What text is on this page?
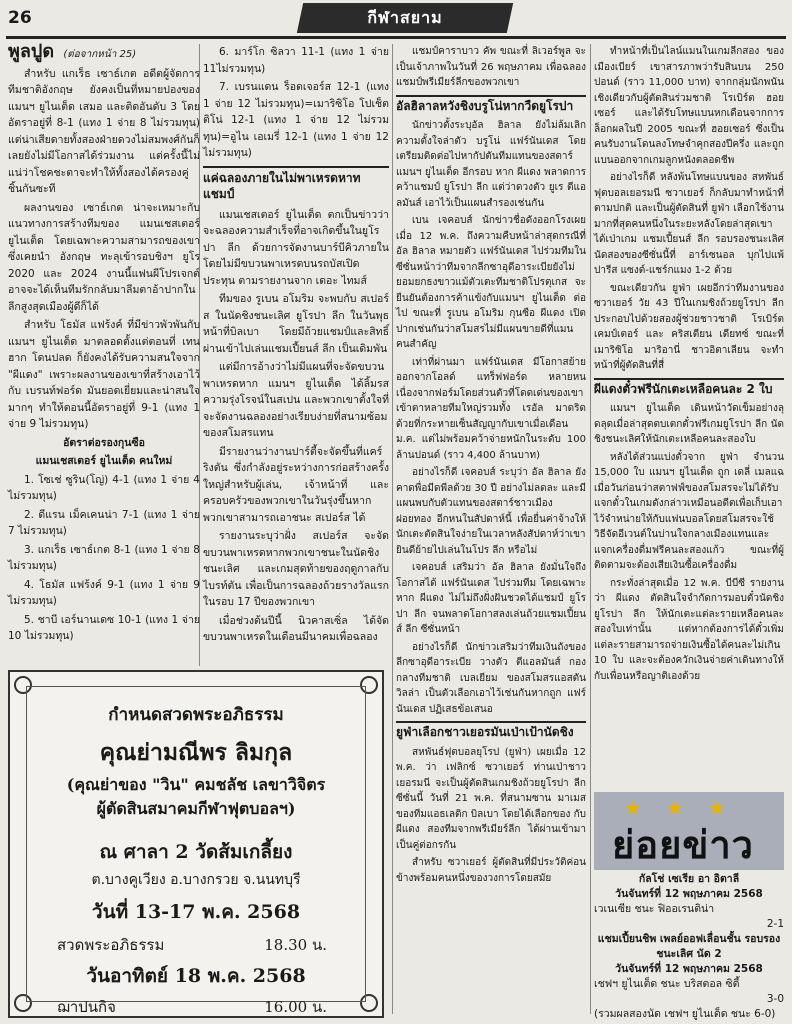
26	กีฬาสยาม
พูลปูด (ต่อจากหน้า 25)

สำหรับ แกเร็ธ เซาธ์เกต อดีตผู้จัดการทีมชาติอังกฤษ ยังคงเป็นที่หมายปองของ แมนฯ ยูไนเต็ด เสมอ และติดอันดับ 3 โดยอัตราอยู่ที่ 8-1 (แทง 1 จ่าย 8 ไม่รวมทุน) แต่น่าเสียดายทั้งสองฝ่ายดวงไม่สมพงศ์กันก็เลยยังไม่มีโอกาสได้ร่วมงาน แต่ครั้งนี้ไม่แน่ว่าโชคชะตาจะทำให้ทั้งสองได้ครองคู่ชิ้นกันซะที

ผลงานของ เซาธ์เกต น่าจะเหมาะกับแนวทางการสร้างทีมของ แมนเชสเตอร์ ยูไนเต็ด โดยเฉพาะความสามารถของเขาซึ่งเคยนำ อังกฤษ ทะลุเข้ารอบชิงฯ ยูโร 2020 และ 2024 งานนี้แฟนผีโปรเจกต์อาจจะได้เห็นทีมรักกลับมาลีมตาอ้าปากในลีกสูงสุดเมืองผู้ดีก็ได้

สำหรับ โธมัส แฟร้งค์ ที่มีข่าวพัวพันกับ แมนฯ ยูไนเต็ด มาตลอดตั้งแต่ตอนที่ เทน ฮาก โดนปลด ก็ยังคงได้รับความสนใจจาก "ผีแดง" เพราะผลงานของเขาที่สร้างเอาไว้กับ เบรนท์ฟอร์ด มันยอดเยี่ยมและน่าสนใจมากๆ ทำให้ตอนนี้อัตราอยู่ที่ 9-1 (แทง 1 จ่าย 9 ไม่รวมทุน)

อัตราต่อรองกุนซือ

แมนเชสเตอร์ ยูไนเต็ด คนใหม่

1. โซเช่ ซูริน(โญ่) 4-1 (แทง 1 จ่าย 4 ไม่รวมทุน)

2. ดีแรน เม็คเคนน่า 7-1 (แทง 1 จ่าย 7 ไม่รวมทุน)

3. แกเร็ธ เซาธ์เกต 8-1 (แทง 1 จ่าย 8 ไม่รวมทุน)

4. โธมัส แฟร้งค์ 9-1 (แทง 1 จ่าย 9 ไม่รวมทุน)

5. ชาบี เอร์นานเดซ 10-1 (แทง 1 จ่าย 10 ไม่รวมทุน)

6. มาร์โก ซิลวา 11-1 (แทง 1 จ่าย 11ไม่รวมทุน)

7. เบรนแดน ร็อดเจอร์ส 12-1 (แทง 1 จ่าย 12 ไม่รวมทุน)=เมาริซิโอ โปเช็ตติโน่ 12-1 (แทง 1 จ่าย 12 ไม่รวมทุน)=อูไน เอเมรี่ 12-1 (แทง 1 จ่าย 12 ไม่รวมทุน)

แค่ฉลองภายในไม่พาเหรดหาทแชมป์

แมนเชสเตอร์ ยูไนเต็ด ตกเป็นข่าวว่าจะฉลองความสำเร็จที่อาจเกิดขึ้นในยูโรปา ลีก ด้วยการจัดงานบาร์บีคิวภายใน โดยไม่มีขบวนพาเหรดบนรถบัสเปิดประทุน ตามรายงานจาก เดอะ ไทมส์

ทีมของ รูเบน อโมริม จะพบกับ สเปอร์ส ในนัดชิงชนะเลิศ ยูโรปา ลีก ในวันพุธหน้าที่บิลเบา โดยมีถ้วยแชมป์และสิทธิ์ผ่านเข้าไปเล่นแชมเปี้ยนส์ ลีก เป็นเดิมพัน

แต่มีการอ้างว่าไม่มีแผนที่จะจัดขบวนพาเหรดหาก แมนฯ ยูไนเต็ด ได้ลิ้มรสความรุ่งโรจน์ในสเปน และพวกเขาตั้งใจที่จะจัดงานฉลองอย่างเรียบง่ายที่สนามซ้อมของสโมสรแทน

มีรายงานว่างานปาร์ตี้จะจัดขึ้นที่แคร์ริงตัน ซึ่งกำลังอยู่ระหว่างการก่อสร้างครั้งใหญ่สำหรับผู้เล่น, เจ้าหน้าที่ และครอบครัวของพวกเขาในวันรุ่งขึ้นหากพวกเขาสามารถเอาชนะ สเปอร์ส ได้

รายงานระบุว่าฝั่ง สเปอร์ส จะจัดขบวนพาเหรดหากพวกเขาชนะในนัดชิงชนะเลิศ และเกมสุดท้ายของฤดูกาลกับ ไบรท์ตัน เพื่อเป็นการฉลองถ้วยรางวัลแรกในรอบ 17 ปีของพวกเขา

เมื่อช่วงต้นปีนี้ นิวคาสเซิ่ล ได้จัดขบวนพาเหรดในเดือนมีนาคมเพื่อฉลอง

แชมป์คาราบาว คัพ ขณะที่ ลิเวอร์พูล จะเป็นเจ้าภาพในวันที่ 26 พฤษภาคม เพื่อฉลองแชมป์พรีเมียร์ลีกของพวกเขา

อัลฮิลาลหวังชิงบรูโน่หากวืดยูโรปา

นักข่าวตั้งระบุอัล ฮิลาล ยังไม่ล้มเลิกความตั้งใจล่าตัว บรูโน่ แฟร์นันเดส โดยเตรียมติดต่อไปหากัปตันทีมแทนของสตาร์แมนฯ ยูไนเต็ด อีกรอบ หาก ผีแดง พลาดการคว้าแชมป์ ยูโรปา ลีก แต่ว่าดวงตัว ยูเร ตีแอลมันส์ เอาไว้เป็นแผนสำรองเช่นกัน

เบน เจคอบส์ นักข่าวชื่อดังออกโรงเผยเมื่อ 12 พ.ค. ถึงความคืบหน้าล่าสุดกรณีที่ อัล ฮิลาล หมายตัว แฟร์นันเดส ไปร่วมทีมในซีซั่นหน้าว่าทีมจากลีกซาอุดีอาระเบียยังไม่ยอมยกธงขาวแม้ตัวเตะทีมชาติโปรตุเกส จะยืนยันต้องการค้าแข้งกับแมนฯ ยูไนเต็ด ต่อไป ขณะที่ รูเบน อโมริม กุนซือ ผีแดง เปิดปากเช่นกันว่าสโมสรไม่มีแผนขายดีที่แมนคนสำคัญ

เท่าที่ผ่านมา แฟร์นันเดส มีโอกาสย้ายออกจากโอลด์ แทร็ฟฟอร์ด หลายหนเนื่องจากฟอร์มโดยส่วนตัวที่โดดเด่นของเขาเข้าตาหลายทีมใหญ่รวมทั้ง เรอัล มาดริด ด้วยที่กระหายเซ็นสัญญากับเขาเมื่อเดือน ม.ค. แต่ไม่พร้อมคว้าจ่ายหนักในระดับ 100 ล้านปอนด์ (ราว 4,400 ล้านบาท)

อย่างไรก็ดี เจคอบส์ ระบุว่า อัล ฮิลาล ยังคาดพื่อมีดพีลด้วย 30 ปี อย่างไม่ลดละ และมีแผนพบกับตัวแทนของสตาร์ชาวเมืองฝอยทอง อีกหนในสัปดาห์นี้ เพื่อยื่นค่าจ้างให้นักเตะตัดสินใจง่ายในเวลาหลังสัปดาห์ว่าเขายินดีย้ายไปเล่นในโปร ลีก หรือไม่

เจคอบส์ เสริมว่า อัล ฮิลาล ยังมั่นใจถึงโอกาสได้ แฟร์นันเดส ไปร่วมทีม โดยเฉพาะหาก ผีแดง ไม่ไม่ถึงฝั่งฝันชวดได้แชมป์ ยูโรปา ลีก จนพลาดโอกาสลงเล่นถ้วยแชมเปี้ยนส์ ลีก ซีซั่นหน้า

อย่างไรก็ดี นักข่าวเสริมว่าทีมเงินถังของลีกซาอุดีอาระเบีย วางตัว ตีแอลมันส์ กองกลางทีมชาติ เบลเยียม ของสโมสรแอสตัน วิลล่า เป็นตัวเลือกเอาไว้เช่นกันหากถูก แฟร์นันเดส ปฏิเสธข้อเสนอ

ยูฟ่าเลือกชาวเยอรมันเป่าเป้านัดชิง

สหพันธ์ฟุตบอลยุโรป (ยูฟ่า) เผยเมื่อ 12 พ.ค. ว่า เฟลิกซ์ ซวาเยอร์ ท่านเป่าชาวเยอรมนี จะเป็นผู้ตัดสินเกมชิงถ้วยยูโรปา ลีก ซีซั่นนี้ วันที่ 21 พ.ค. ที่สนามซาน มาเมส ของทีมแอธเลติก บิลเบา โดยได้เลือกของ กับ ผีแดง สองทีมจากพรีเมียร์ลีก ได้ผ่านเข้ามาเป็นคู่ต่อกรกัน

สำหรับ ซวาเยอร์ ผู้ตัดสินที่มีประวัติค่อนข้างพร้อมคนหนึ่งของวงการโดยสมัย

ทำหน้าที่เป็นไลน์แมนในเกมลีกสอง ของเมืองเบียร์ เขาสารภาพว่ารับสินบน 250 ปอนด์ (ราว 11,000 บาท) จากกลุ่มนักพนันเชิงเดียวกับผู้ตัดสินร่วมชาติ โรเบิร์ต ฮอยเซอร์ และได้รับโทษแบนหกเดือนจากการล็อกผลในปี 2005 ขณะที่ ฮอยเซอร์ ซึ่งเป็นคนรับงานโดนลงโทษจำคุกสองปีครึ่ง และถูกแบนออกจากเกมลูกหนังตลอดชีพ

อย่างไรก็ดี หลังพ้นโทษแบนของ สหพันธ์ฟุตบอลเยอรมนี ซวาเยอร์ ก็กลับมาทำหน้าที่ตามปกติ และเป็นผู้ตัดสินที่ ยูฟ่า เลือกใช้งานมากที่สุดคนหนึ่งในระยะหลังโดยล่าสุดเขาได้เป่าเกม แชมเปี้ยนส์ ลีก รอบรองชนะเลิศนัดสองของซีซั่นนี้ที่ อาร์เซนอล บุกไปแพ้ปารีส แซงต์-แชร์กแมง 1-2 ด้วย

ขณะเดียวกัน ยูฟ่า เผยอีกว่าทีมงานของ ซวาเยอร์ วัย 43 ปีในเกมชิงถ้วยยูโรปา ลีก ประกอบไปด้วยสองผู้ช่วยชาวชาติ โรเบิร์ต เคมป์เตอร์ และ คริสเตียน เดียทซ์ ขณะที่ เมาริซิโอ มาริอานี่ ชาวอิตาเลียน จะทำหน้าที่ผู้ตัดสินที่สี่

ผีแดงตั๋วฟรีนักเตะเหลือคนละ 2 ใบ

แมนฯ ยูไนเต็ด เดินหน้าวัดเข็มอย่างลุดลุดเมื่อล่าสุดตบเตกตั๋วฟรีเกมยูโรปา ลีก นัดชิงชนะเลิศให้นักเตะเหลือคนละสองใบ

หลังได้ส่วนแบ่งตั๋วจาก ยูฟ่า จำนวน 15,000 ใบ แมนฯ ยูไนเต็ด ถูก เดลี่ เมลแฉเมื่อวันก่อนว่าสตาฟฟ์ของสโมสรจะไม่ได้รับแจกตั๋วในเกมดังกล่าวเหมือนอดีตเพื่อเก็บเอาไว้จำหน่ายให้กับแฟนบอลโดยสโมสรจะใช้วิธีจัดอีเวนต์ในบ่านใจกลางเมืองแทนและแจกเครื่องดื่มฟรีคนละสองแก้ว ขณะที่ผู้ติดตามจะต้องเสียเงินซื้อเครื่องดื่ม

กระทั่งล่าสุดเมื่อ 12 พ.ค. บีบีซี รายงานว่า ผีแดง ตัดสินใจจำกัดการมอบตั๋วนัดชิง ยูโรปา ลีก ให้นักเตะแต่ละรายเหลือคนละสองใบเท่านั้น แต่หากต้องการได้ตั๋วเพิ่ม แต่ละรายสามารถจ่ายเงินซื้อได้คนละไม่เกิน 10 ใบ และจะต้องควักเงินจ่ายค่าเดินทางให้กับเพื่อนหรือญาติเองด้วย

กำหนดสวดพระอภิธรรม
คุณย่ามณีพร ลิมกุล
(คุณย่าของ "วิน" คมชลัช เลขาวิจิตร
ผู้ตัดสินสมาคมกีฬาฟุตบอลฯ)
ณ ศาลา 2 วัดส้มเกลี้ยง
ต.บางคูเวียง อ.บางกรวย จ.นนทบุรี
วันที่ 13-17 พ.ค. 2568
สวดพระอภิธรรม	18.30 น.
วันอาทิตย์ 18 พ.ค. 2568
ฌาปนกิจ	16.00 น.
★ ★ ★
ย่อยข่าว
กัลโช่ เซเรีย อา อิตาลี
วันจันทร์ที่ 12 พฤษภาคม 2568
เวเนเซีย ชนะ ฟิออเรนติน่า
2-1
แชมเปี้ยนชิพ เพลย์ออฟเลื่อนชั้น รอบรองชนะเลิศ นัด 2
วันจันทร์ที่ 12 พฤษภาคม 2568
เชฟฯ ยูไนเต็ด ชนะ บริสตอล ซิตี้
3-0
(รวมผลสองนัด เชฟฯ ยูไนเต็ด ชนะ 6-0)
